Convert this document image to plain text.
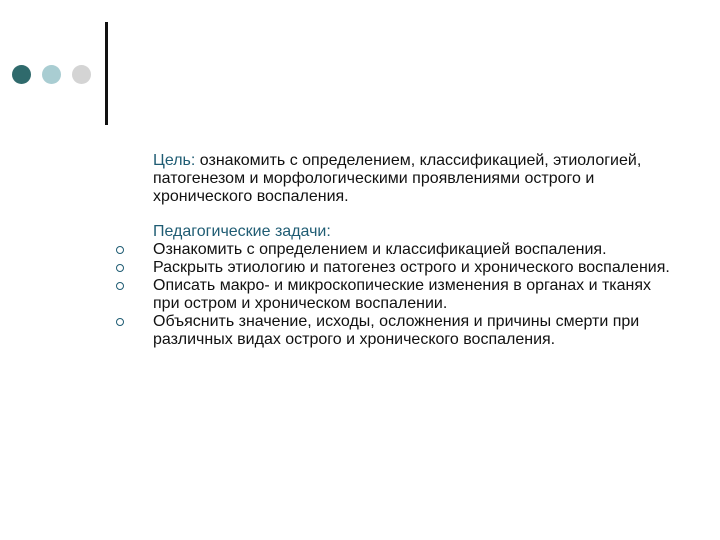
Цель: ознакомить с определением, классификацией, этиологией, патогенезом и морфологическими проявлениями острого и хронического воспаления.

Педагогические задачи:

Ознакомить с определением и классификацией воспаления.
Раскрыть этиологию и патогенез острого и хронического воспаления.
Описать макро- и микроскопические изменения в органах и тканях при остром и хроническом воспалении.
Объяснить значение, исходы, осложнения и причины смерти при различных видах острого и хронического воспаления.
